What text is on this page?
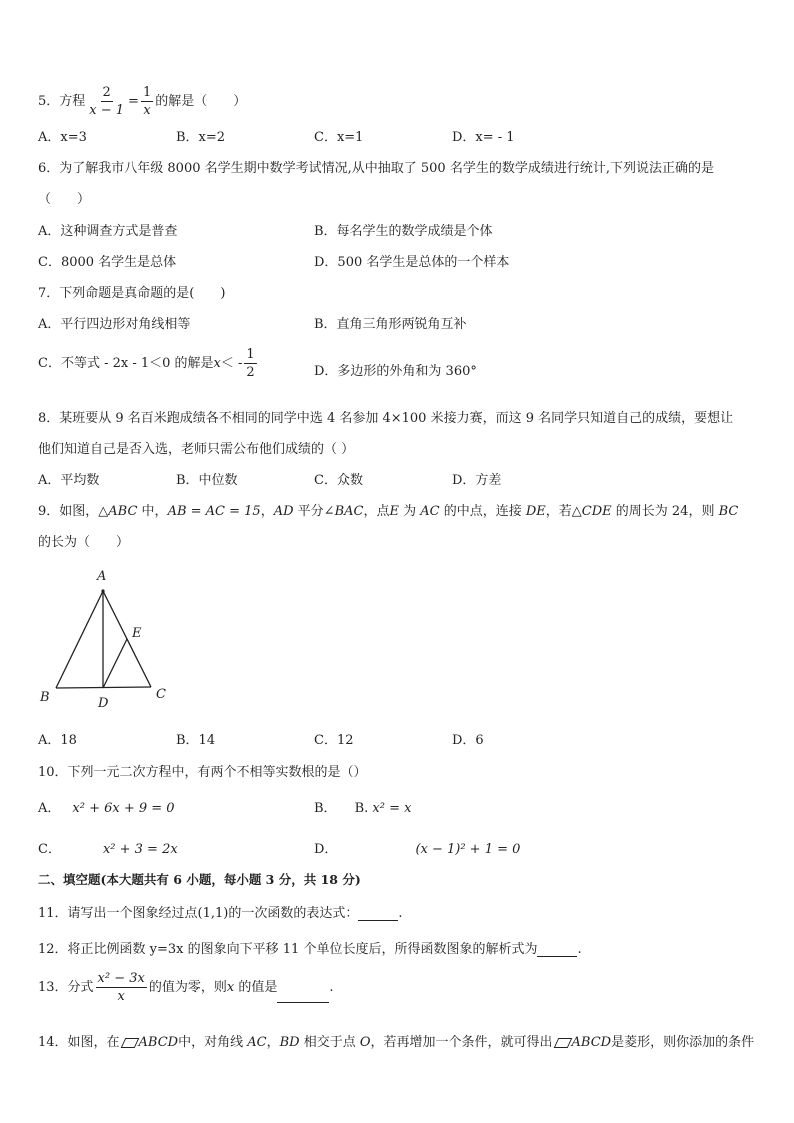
5．方程 $\frac{2}{x - 1} = \frac{1}{x}$ 的解是（　　）
A．x=3	B．x=2	C．x=1	D．x= - 1
6．为了解我市八年级 8000 名学生期中数学考试情况,从中抽取了 500 名学生的数学成绩进行统计,下列说法正确的是
（　　）
A．这种调查方式是普查	B．每名学生的数学成绩是个体
C．8000 名学生是总体	D．500 名学生是总体的一个样本
7．下列命题是真命题的是(　　)
A．平行四边形对角线相等	B．直角三角形两锐角互补
C．不等式 - 2x - 1＜0 的解是$x< - \frac{1}{2}$	D．多边形的外角和为 360°
8．某班要从 9 名百米跑成绩各不相同的同学中选 4 名参加 4×100 米接力赛，而这 9 名同学只知道自己的成绩，要想让
他们知道自己是否入选，老师只需公布他们成绩的（ ）
A．平均数	B．中位数	C．众数	D．方差
9．如图，△ABC 中，AB = AC = 15，AD 平分∠BAC，点E 为 AC 的中点，连接 DE，若△CDE 的周长为 24，则 BC
的长为（　　）
A
B	C
D
E
A．18	B．14	C．12	D．6
10．下列一元二次方程中，有两个不相等实数根的是（）
A． x² + 6x + 9 = 0	B． B. x² = x
C．	x² + 3 = 2x	D．	(x − 1)² + 1 = 0
二、填空题(本大题共有 6 小题，每小题 3 分，共 18 分)
11．请写出一个图象经过点(1,1)的一次函数的表达式：	.
12．将正比例函数 y=3x 的图象向下平移 11 个单位长度后，所得函数图象的解析式为	.
13．分式 $\frac{\text{x² − 3x}}{x}$ 的值为零，则x 的值是	.
14．如图，在 ABCD中，对角线 AC，BD 相交于点 O，若再增加一个条件，就可得出 ABCD是菱形，则你添加的条件
